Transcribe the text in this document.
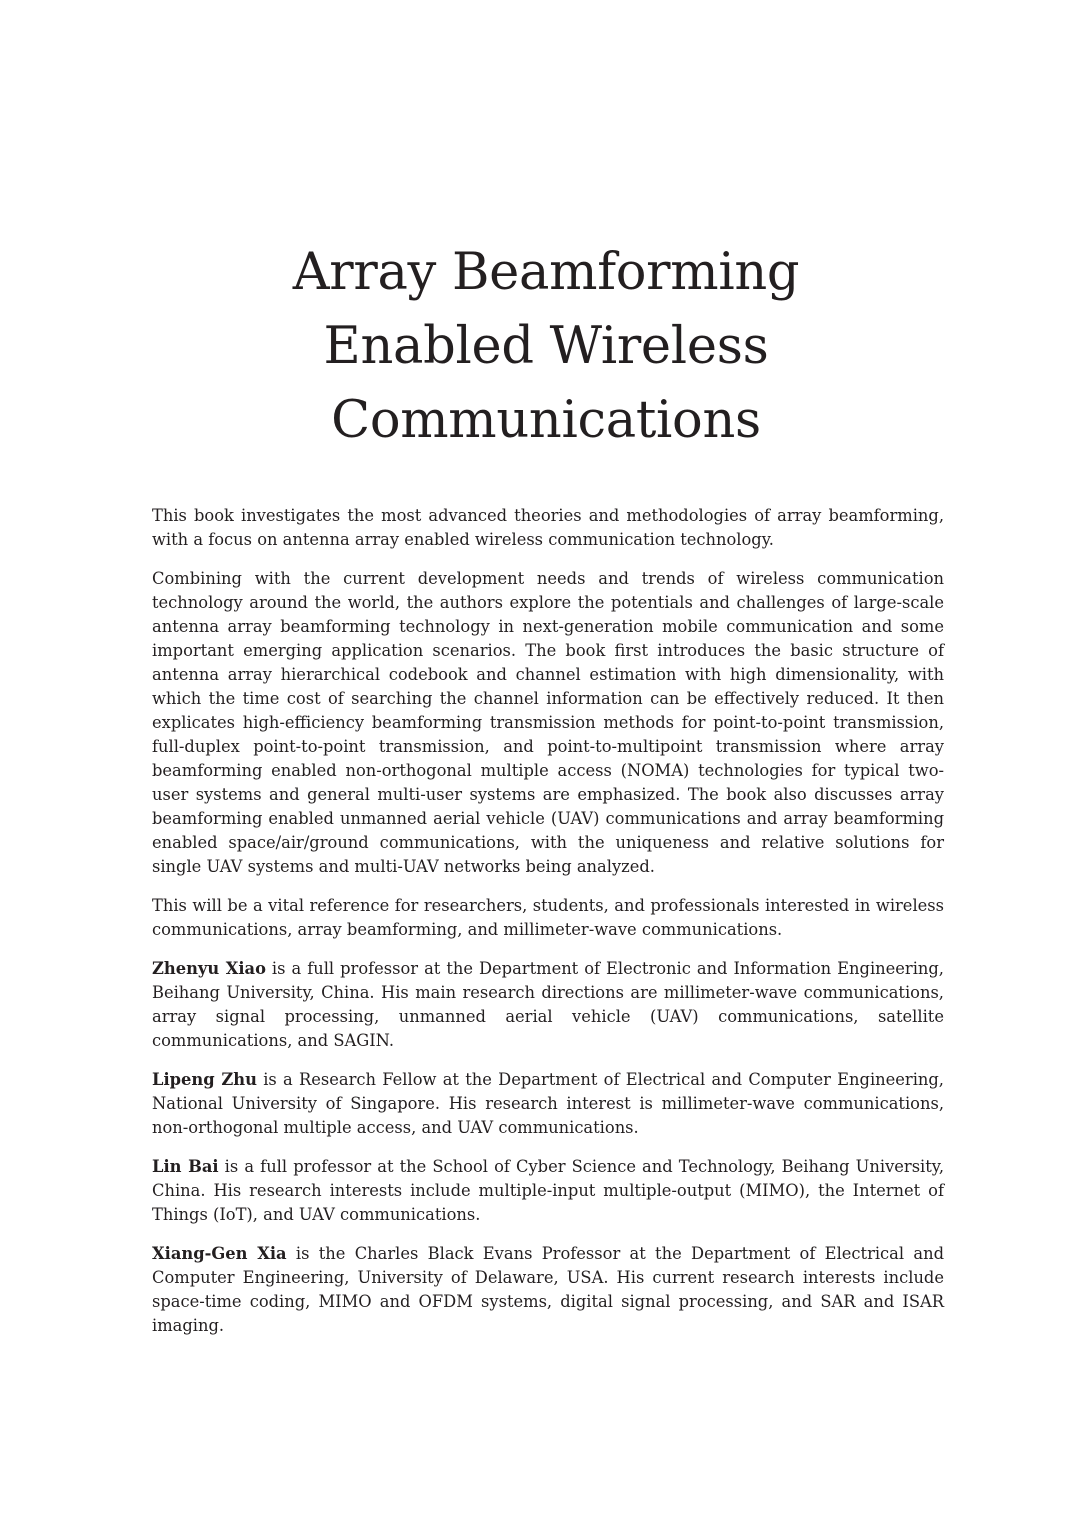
Array Beamforming
Enabled Wireless
Communications

This book investigates the most advanced theories and methodologies of array beamforming, with a focus on antenna array enabled wireless communication technology.

Combining with the current development needs and trends of wireless communication technology around the world, the authors explore the potentials and challenges of large-scale antenna array beamforming technology in next-generation mobile communication and some important emerging application scenarios. The book first introduces the basic structure of antenna array hierarchical codebook and channel estimation with high dimensionality, with which the time cost of searching the channel information can be effectively reduced. It then explicates high-efficiency beamforming transmission methods for point-to-point transmission, full-duplex point-to-point transmission, and point-to-multipoint transmission where array beamforming enabled non-orthogonal multiple access (NOMA) technologies for typical two-user systems and general multi-user systems are emphasized. The book also discusses array beamforming enabled unmanned aerial vehicle (UAV) communications and array beamforming enabled space/air/ground communications, with the uniqueness and relative solutions for single UAV systems and multi-UAV networks being analyzed.

This will be a vital reference for researchers, students, and professionals interested in wireless communications, array beamforming, and millimeter-wave communications.

Zhenyu Xiao is a full professor at the Department of Electronic and Information Engineering, Beihang University, China. His main research directions are millimeter-wave communications, array signal processing, unmanned aerial vehicle (UAV) communications, satellite communications, and SAGIN.

Lipeng Zhu is a Research Fellow at the Department of Electrical and Computer Engineering, National University of Singapore. His research interest is millimeter-wave communications, non-orthogonal multiple access, and UAV communications.

Lin Bai is a full professor at the School of Cyber Science and Technology, Beihang University, China. His research interests include multiple-input multiple-output (MIMO), the Internet of Things (IoT), and UAV communications.

Xiang-Gen Xia is the Charles Black Evans Professor at the Department of Electrical and Computer Engineering, University of Delaware, USA. His current research interests include space-time coding, MIMO and OFDM systems, digital signal processing, and SAR and ISAR imaging.
